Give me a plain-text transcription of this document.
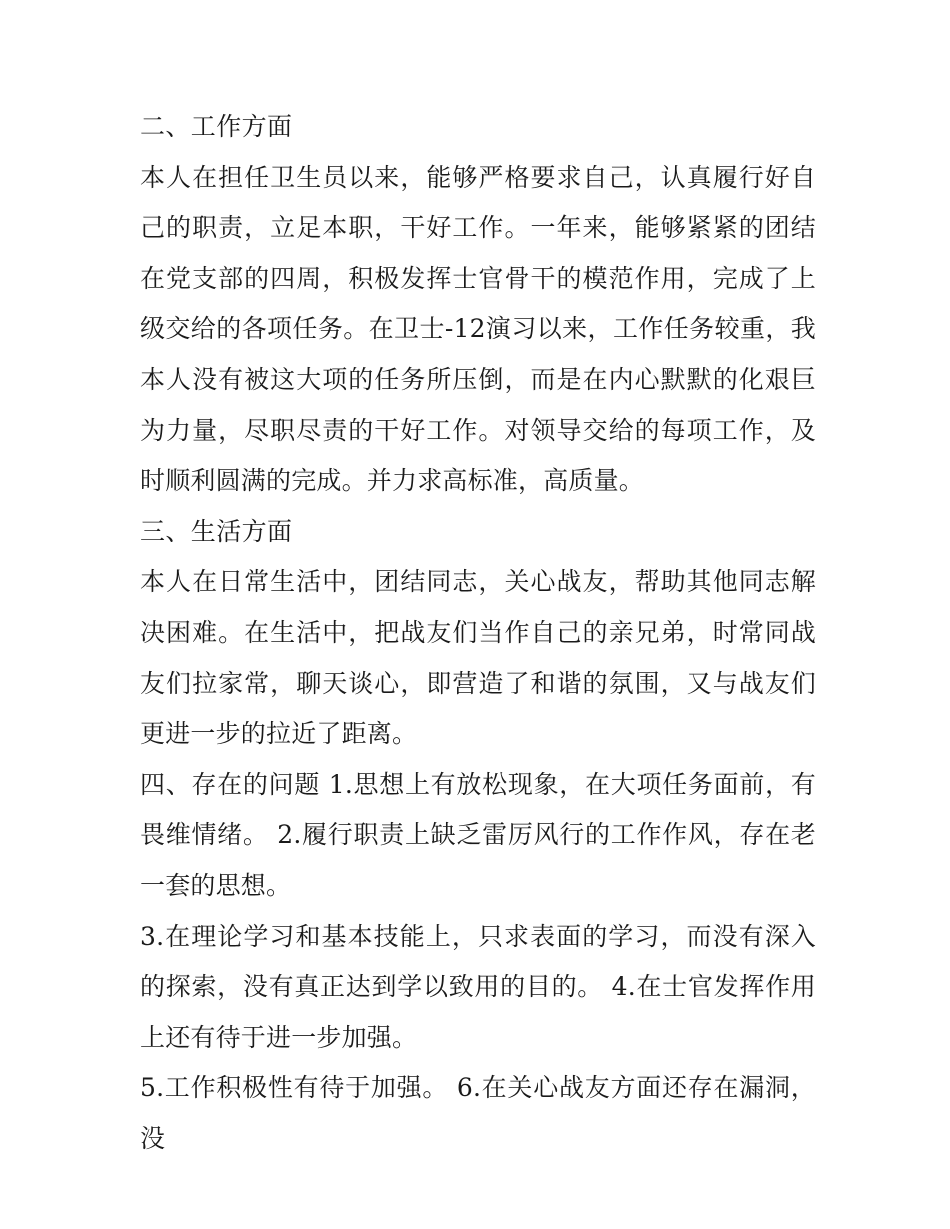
二、工作方面

本人在担任卫生员以来，能够严格要求自己，认真履行好自己的职责，立足本职，干好工作。一年来，能够紧紧的团结在党支部的四周，积极发挥士官骨干的模范作用，完成了上级交给的各项任务。在卫士-12演习以来，工作任务较重，我本人没有被这大项的任务所压倒，而是在内心默默的化艰巨为力量，尽职尽责的干好工作。对领导交给的每项工作，及时顺利圆满的完成。并力求高标准，高质量。

三、生活方面

本人在日常生活中，团结同志，关心战友，帮助其他同志解决困难。在生活中，把战友们当作自己的亲兄弟，时常同战友们拉家常，聊天谈心，即营造了和谐的氛围，又与战友们更进一步的拉近了距离。

四、存在的问题 1.思想上有放松现象，在大项任务面前，有畏维情绪。 2.履行职责上缺乏雷厉风行的工作作风，存在老一套的思想。

3.在理论学习和基本技能上，只求表面的学习，而没有深入的探索，没有真正达到学以致用的目的。 4.在士官发挥作用上还有待于进一步加强。

5.工作积极性有待于加强。 6.在关心战友方面还存在漏洞，没
